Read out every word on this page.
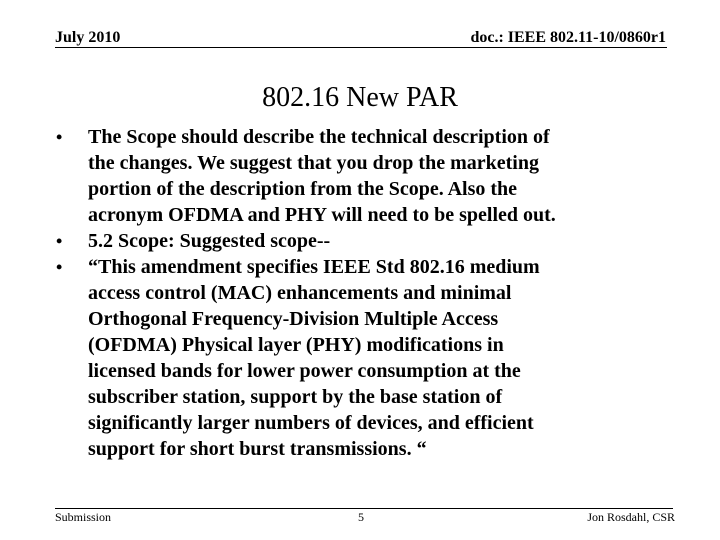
July 2010	doc.: IEEE 802.11-10/0860r1
802.16 New PAR
•	The Scope should describe the technical description of
the changes. We suggest that you drop the marketing
portion of the description from the Scope. Also the
acronym OFDMA and PHY will need to be spelled out.
•	5.2 Scope: Suggested scope--
•	“This amendment specifies IEEE Std 802.16 medium
access control (MAC) enhancements and minimal
Orthogonal Frequency-Division Multiple Access
(OFDMA) Physical layer (PHY) modifications in
licensed bands for lower power consumption at the
subscriber station, support by the base station of
significantly larger numbers of devices, and efficient
support for short burst transmissions. “
Submission	5	Jon Rosdahl, CSR
